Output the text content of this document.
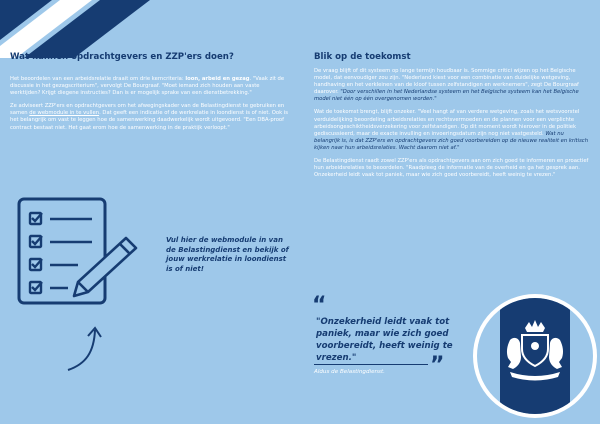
Wat kunnen opdrachtgevers en ZZP'ers doen?

Het beoordelen van een arbeidsrelatie draait om drie kerncriteria: loon, arbeid en gezag. "Vaak zit de discussie in het gezagscriterium", vervolgt De Bourgraaf. "Moet iemand zich houden aan vaste werktijden? Krijgt diegene instructies? Dan is er mogelijk sprake van een dienstbetrekking."

Ze adviseert ZZP'ers en opdrachtgevers om het afwegingskader van de Belastingdienst te gebruiken en samen de webmodule in te vullen. Dat geeft een indicatie of de werkrelatie in loondienst is of niet. Ook is het belangrijk om vast te leggen hoe de samenwerking daadwerkelijk wordt uitgevoerd. "Een DBA-proof contract bestaat niet. Het gaat erom hoe de samenwerking in de praktijk verloopt."

Vul hier de webmodule in van de Belastingdienst en bekijk of jouw werkrelatie in loondienst is of niet!
Blik op de toekomst

De vraag blijft of dit systeem op lange termijn houdbaar is. Sommige critici wijzen op het Belgische model, dat eenvoudiger zou zijn. "Nederland kiest voor een combinatie van duidelijke wetgeving, handhaving en het verkleinen van de kloof tussen zelfstandigen en werknemers", zegt De Bourgraaf daarover. "Door verschillen in het Nederlandse systeem en het Belgische systeem kan het Belgische model niet één op één overgenomen worden."

Wat de toekomst brengt, blijft onzeker. "Veel hangt af van verdere wetgeving, zoals het wetsvoorstel verduidelijking beoordeling arbeidsrelaties en rechtsvermoeden en de plannen voor een verplichte arbeidsongeschiktheidsverzekering voor zelfstandigen. Op dit moment wordt hierover in de politiek gediscussieerd, maar de exacte invulling en invoeringsdatum zijn nog niet vastgesteld. Wat nu belangrijk is, is dat ZZP'ers en opdrachtgevers zich goed voorbereiden op de nieuwe realiteit en kritisch kijken naar hun arbeidsrelaties. Wacht daarom niet af."

De Belastingdienst raadt zowel ZZP'ers als opdrachtgevers aan om zich goed te informeren en proactief hun arbeidsrelaties te beoordelen. "Raadpleeg de informatie van de overheid en ga het gesprek aan. Onzekerheid leidt vaak tot paniek, maar wie zich goed voorbereidt, heeft weinig te vrezen."

“
"Onzekerheid leidt vaak tot paniek, maar wie zich goed voorbereidt, heeft weinig te vrezen."
Aldus de Belastingdienst. ”
